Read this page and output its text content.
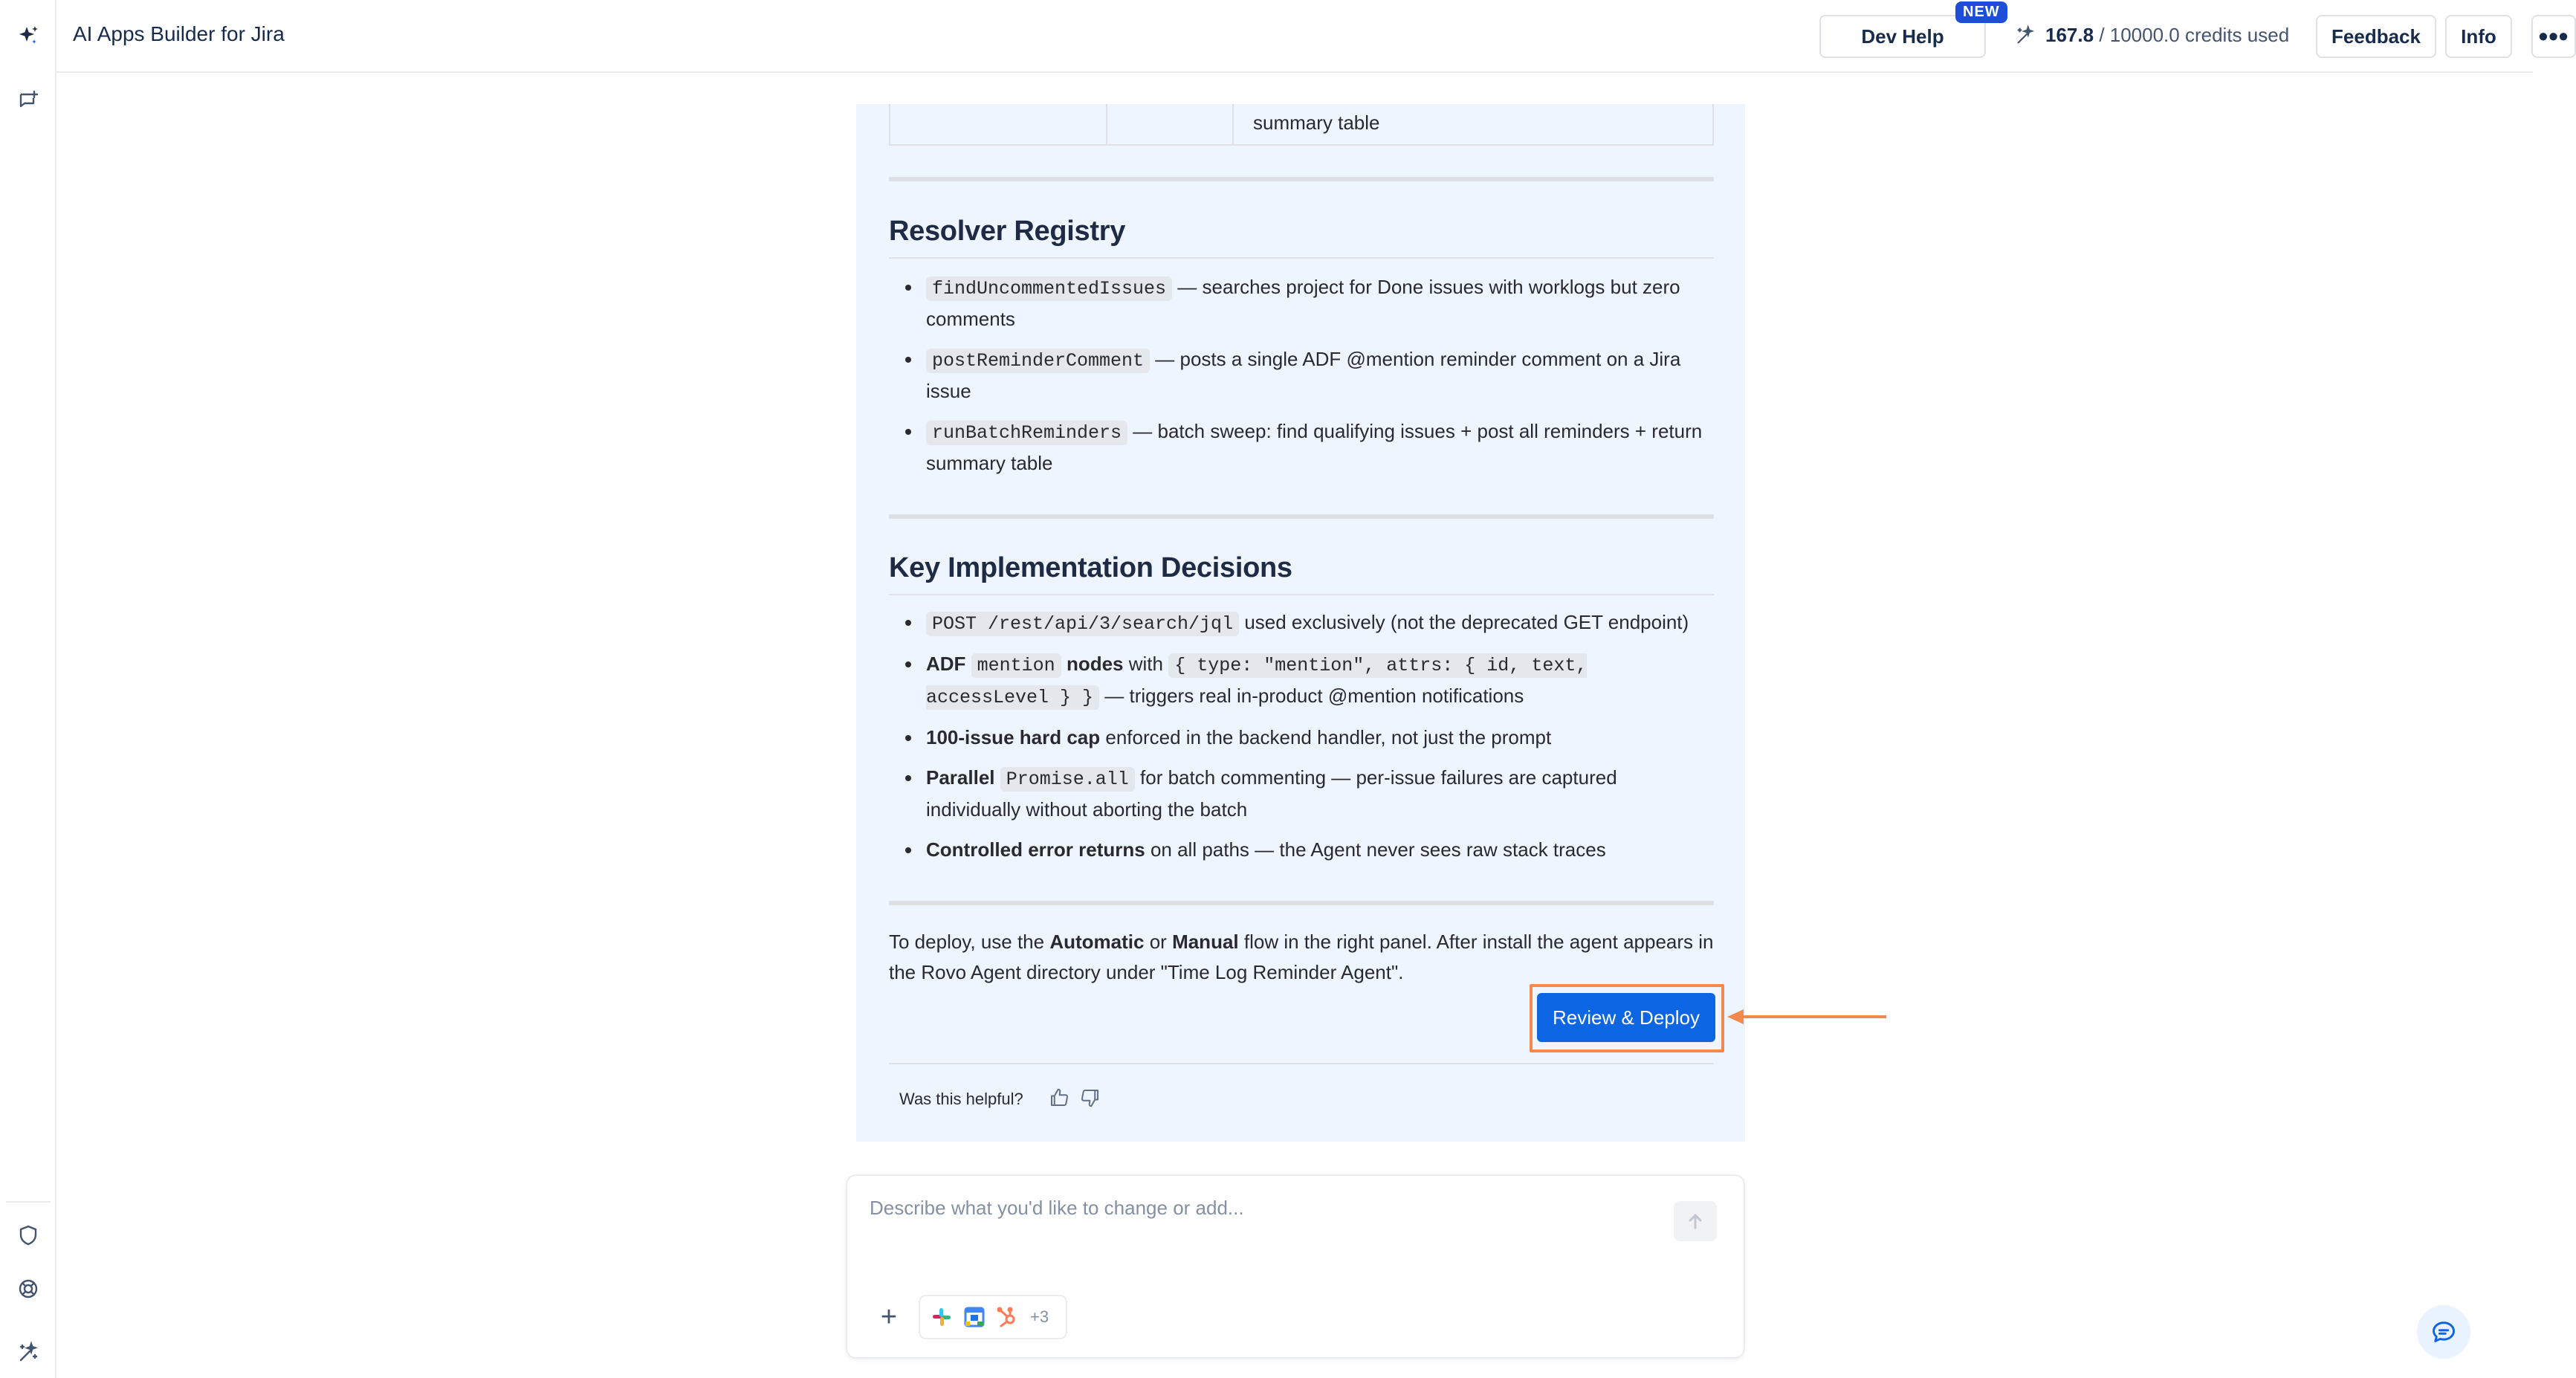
AI Apps Builder for Jira	Dev Help
NEW
167.8 / 10000.0 credits used	Feedback	Info	•••
summary table
Resolver Registry
findUncommentedIssues — searches project for Done issues with worklogs but zero comments
postReminderComment — posts a single ADF @mention reminder comment on a Jira issue
runBatchReminders — batch sweep: find qualifying issues + post all reminders + return summary table
Key Implementation Decisions
POST /rest/api/3/search/jql used exclusively (not the deprecated GET endpoint)
ADF mention nodes with { type: "mention", attrs: { id, text, accessLevel } } — triggers real in-product @mention notifications
100-issue hard cap enforced in the backend handler, not just the prompt
Parallel Promise.all for batch commenting — per-issue failures are captured individually without aborting the batch
Controlled error returns on all paths — the Agent never sees raw stack traces
To deploy, use the Automatic or Manual flow in the right panel. After install the agent appears in the Rovo Agent directory under "Time Log Reminder Agent".
Review & Deploy
Was this helpful?
Describe what you'd like to change or add...
+	+3
